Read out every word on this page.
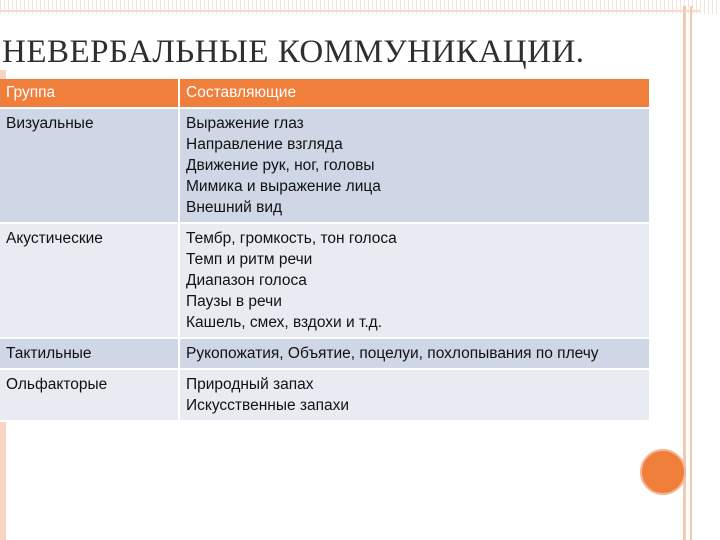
НЕВЕРБАЛЬНЫЕ КОММУНИКАЦИИ.
Группа	Составляющие
Визуальные	Выражение глаз
Направление взгляда
Движение рук, ног, головы
Мимика и выражение лица
Внешний вид

Акустические	Тембр, громкость, тон голоса
Темп и ритм речи
Диапазон голоса
Паузы в речи
Кашель, смех, вздохи и т.д.

Тактильные	Рукопожатия, Объятие, поцелуи, похлопывания по плечу

Ольфакторые	Природный запах
Искусственные запахи
